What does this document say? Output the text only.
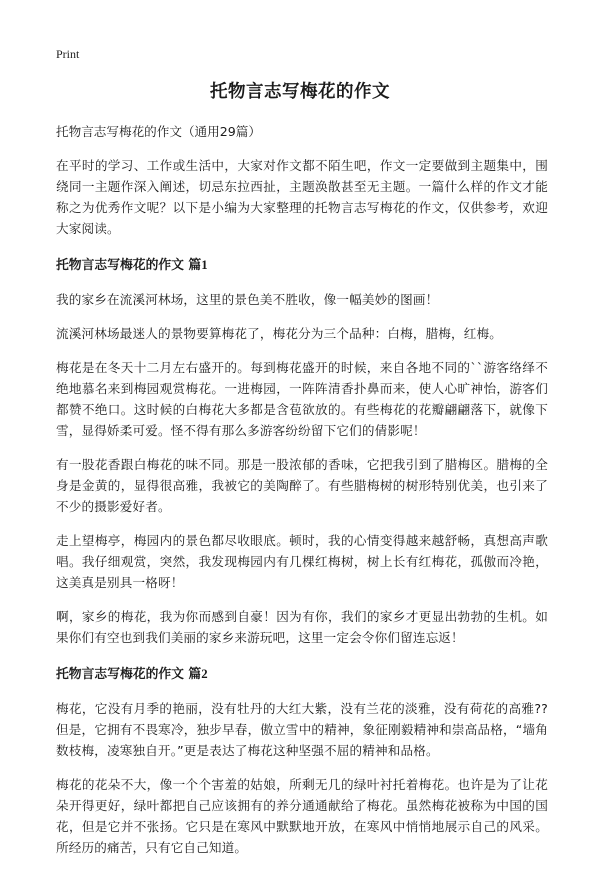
Print
托物言志写梅花的作文

托物言志写梅花的作文（通用29篇）

在平时的学习、工作或生活中，大家对作文都不陌生吧，作文一定要做到主题集中，围绕同一主题作深入阐述，切忌东拉西扯，主题涣散甚至无主题。一篇什么样的作文才能称之为优秀作文呢？以下是小编为大家整理的托物言志写梅花的作文，仅供参考，欢迎大家阅读。

托物言志写梅花的作文 篇1

我的家乡在流溪河林场，这里的景色美不胜收，像一幅美妙的图画！

流溪河林场最迷人的景物要算梅花了，梅花分为三个品种：白梅，腊梅，红梅。

梅花是在冬天十二月左右盛开的。每到梅花盛开的时候，来自各地不同的``游客络绎不绝地慕名来到梅园观赏梅花。一进梅园，一阵阵清香扑鼻而来，使人心旷神怡，游客们都赞不绝口。这时候的白梅花大多都是含苞欲放的。有些梅花的花瓣翩翩落下，就像下雪，显得娇柔可爱。怪不得有那么多游客纷纷留下它们的倩影呢！

有一股花香跟白梅花的味不同。那是一股浓郁的香味，它把我引到了腊梅区。腊梅的全身是金黄的，显得很高雅，我被它的美陶醉了。有些腊梅树的树形特别优美，也引来了不少的摄影爱好者。

走上望梅亭，梅园内的景色都尽收眼底。顿时，我的心情变得越来越舒畅，真想高声歌唱。我仔细观赏，突然，我发现梅园内有几棵红梅树，树上长有红梅花，孤傲而冷艳，这美真是别具一格呀！

啊，家乡的梅花，我为你而感到自豪！因为有你，我们的家乡才更显出勃勃的生机。如果你们有空也到我们美丽的家乡来游玩吧，这里一定会令你们留连忘返！

托物言志写梅花的作文 篇2

梅花，它没有月季的艳丽，没有牡丹的大红大紫，没有兰花的淡雅，没有荷花的高雅??但是，它拥有不畏寒冷，独步早春，傲立雪中的精神，象征刚毅精神和崇高品格，“墙角数枝梅，凌寒独自开。”更是表达了梅花这种坚强不屈的精神和品格。

梅花的花朵不大，像一个个害羞的姑娘，所剩无几的绿叶衬托着梅花。也许是为了让花朵开得更好，绿叶都把自己应该拥有的养分通通献给了梅花。虽然梅花被称为中国的国花，但是它并不张扬。它只是在寒风中默默地开放，在寒风中悄悄地展示自己的风采。所经历的痛苦，只有它自己知道。
